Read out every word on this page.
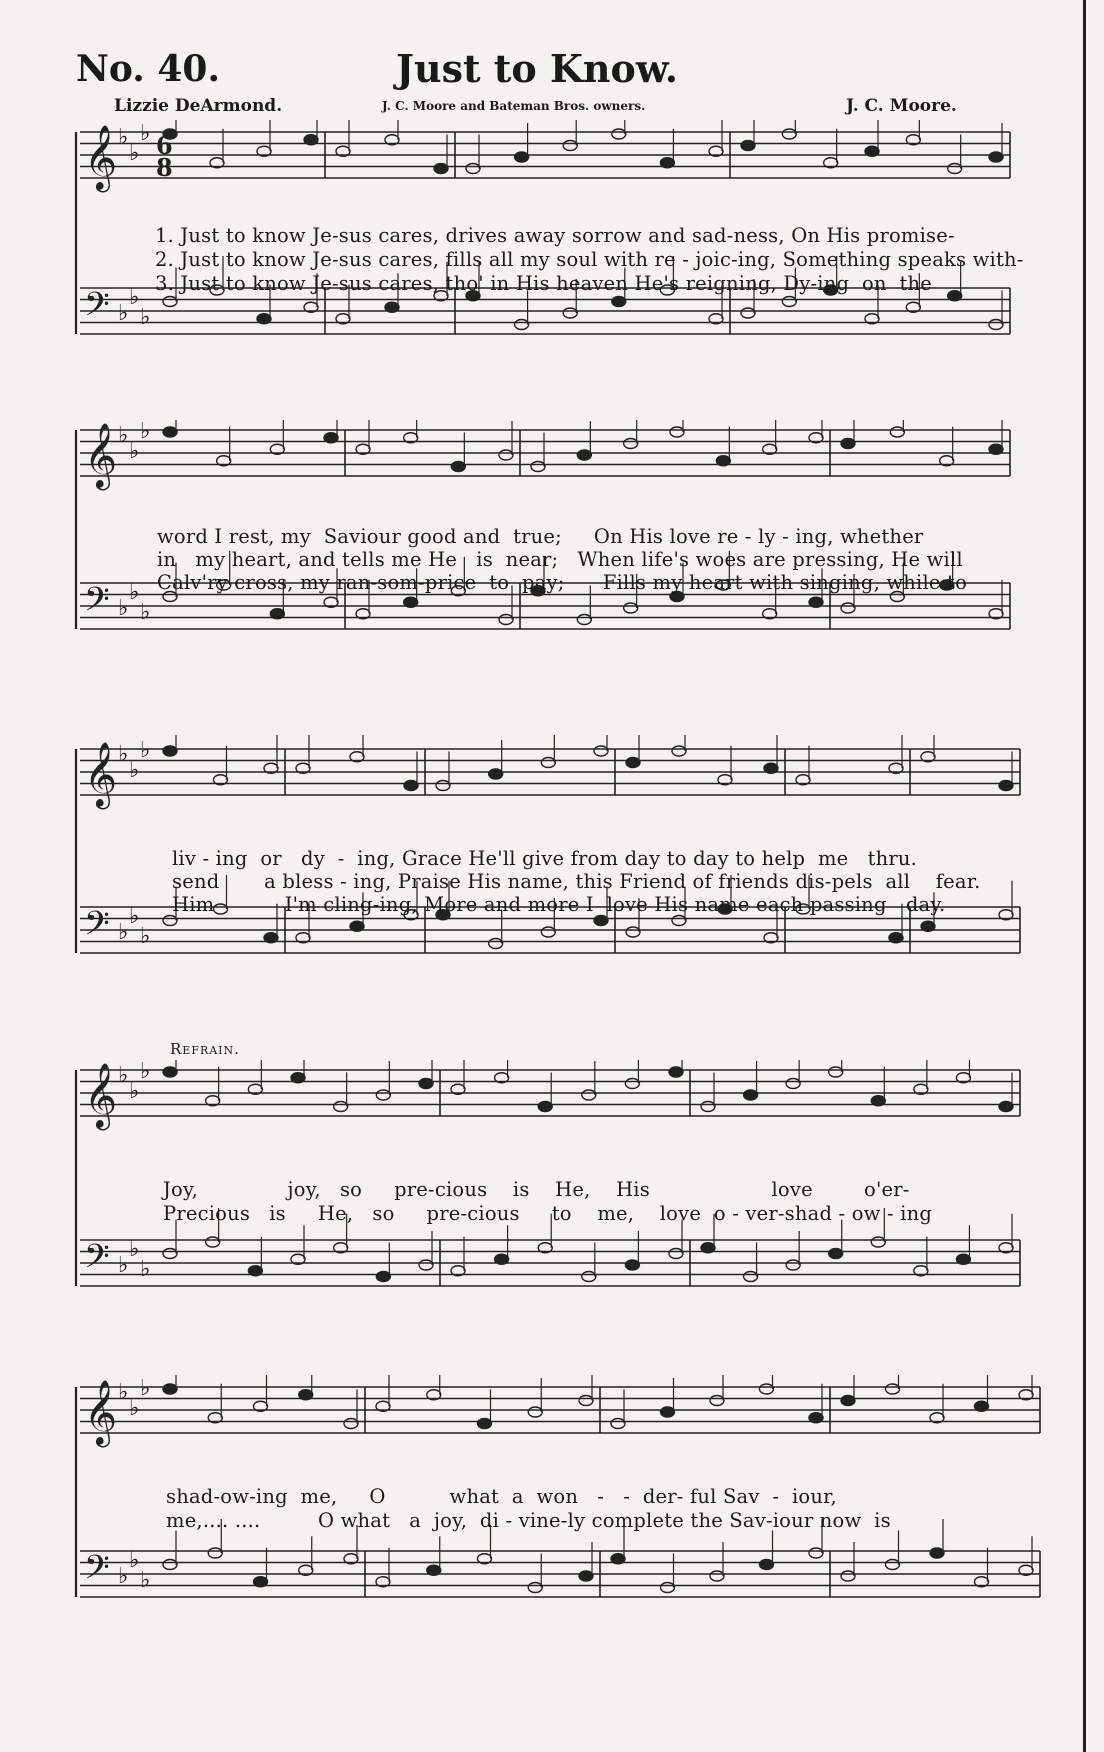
No. 40.	Just to Know.
Lizzie DeArmond.	J. C. Moore and Bateman Bros. owners.	J. C. Moore.
𝄞 ♭
♭
♭
𝄢 ♭
♭
♭
6
8
1. Just to know Je-sus cares, drives away sorrow and sad-ness, On His promise-
2. Just to know Je-sus cares, fills all my soul with re - joic-ing, Something speaks with-
3. Just to know Je-sus cares, tho' in His heaven He's reigning, Dy-ing  on  the
𝄞 ♭
♭
♭
𝄢 ♭
♭
♭
word I rest, my  Saviour good and  true;     On His love re - ly - ing, whether
in   my heart, and tells me He   is  near;   When life's woes are pressing, He will
Calv'ry cross, my ran-som-price  to  pay;      Fills my heart with singing, while to
𝄞 ♭
♭
♭
𝄢 ♭
♭
♭
liv - ing  or   dy  -  ing, Grace He'll give from day to day to help  me   thru.
send       a bless - ing, Praise His name, this Friend of friends dis-pels  all    fear.
Him           I'm cling-ing, More and more I  love His name each passing   day.
Refrain.
𝄞 ♭
♭
♭
𝄢 ♭
♭
♭
Joy,              joy,   so     pre-cious    is    He,    His                   love        o'er-
Precious   is     He,   so     pre-cious     to    me,    love  o - ver-shad - ow - ing
𝄞 ♭
♭
♭
𝄢 ♭
♭
♭
shad-ow-ing  me,     O          what  a  won   -   -  der- ful Sav  -  iour,
me,.... ....         O what   a  joy,  di - vine-ly complete the Sav-iour now  is
